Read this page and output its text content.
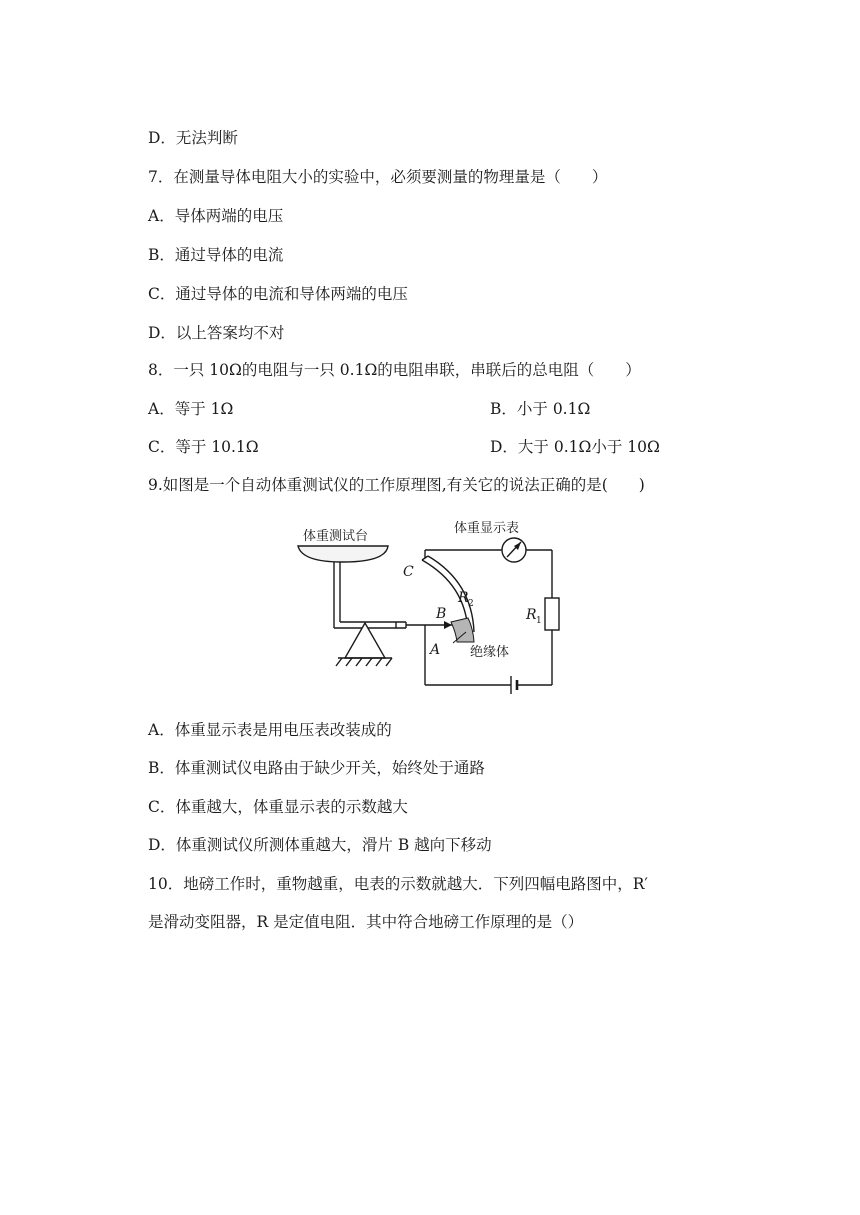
D．无法判断
7．在测量导体电阻大小的实验中，必须要测量的物理量是（　　）
A．导体两端的电压
B．通过导体的电流
C．通过导体的电流和导体两端的电压
D．以上答案均不对
8．一只 10Ω的电阻与一只 0.1Ω的电阻串联，串联后的总电阻（　　）
A．等于 1Ω	B．小于 0.1Ω
C．等于 10.1Ω	D．大于 0.1Ω小于 10Ω
9.如图是一个自动体重测试仪的工作原理图,有关它的说法正确的是(　　)
体重测试台
体重显示表
绝缘体
C
B
A
R 2
R 1
A．体重显示表是用电压表改装成的
B．体重测试仪电路由于缺少开关，始终处于通路
C．体重越大，体重显示表的示数越大
D．体重测试仪所测体重越大，滑片 B 越向下移动
10．地磅工作时，重物越重，电表的示数就越大．下列四幅电路图中，R′
是滑动变阻器，R 是定值电阻．其中符合地磅工作原理的是（）
